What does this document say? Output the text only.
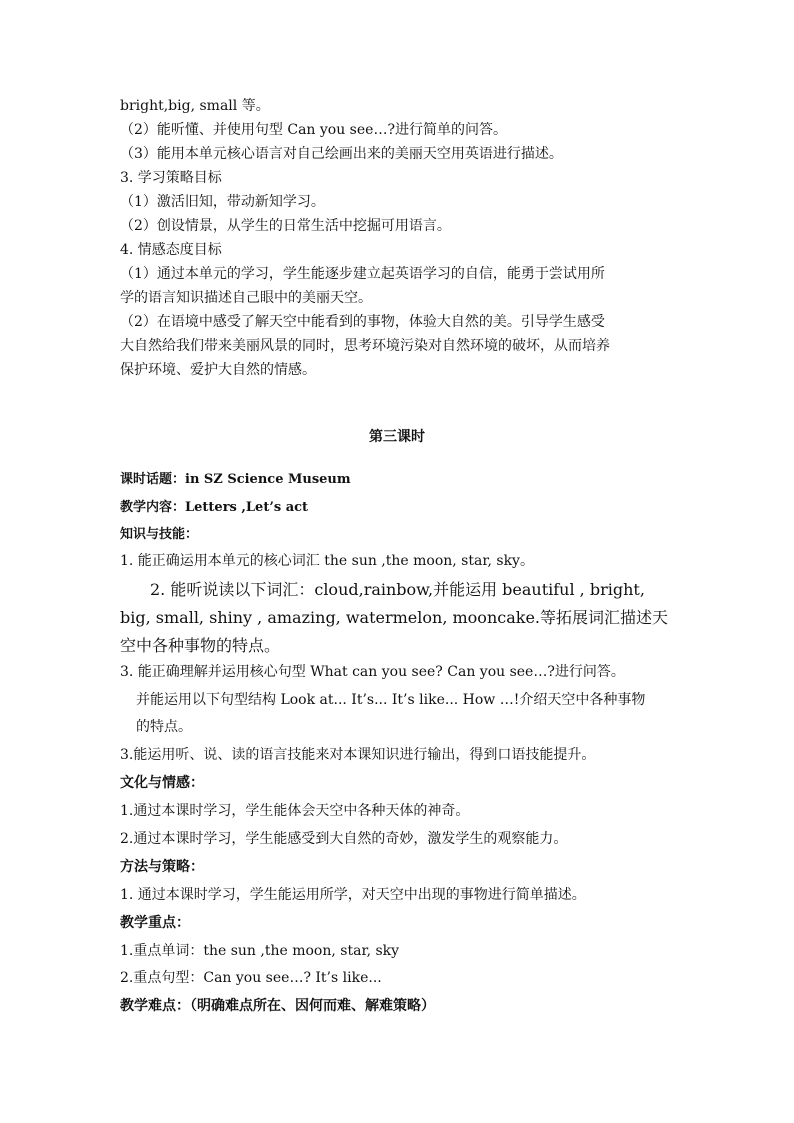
bright,big, small 等。
（2）能听懂、并使用句型 Can you see…?进行简单的问答。
（3）能用本单元核心语言对自己绘画出来的美丽天空用英语进行描述。
3. 学习策略目标
（1）激活旧知，带动新知学习。
（2）创设情景，从学生的日常生活中挖掘可用语言。
4. 情感态度目标
（1）通过本单元的学习，学生能逐步建立起英语学习的自信，能勇于尝试用所
学的语言知识描述自己眼中的美丽天空。
（2）在语境中感受了解天空中能看到的事物，体验大自然的美。引导学生感受
大自然给我们带来美丽风景的同时，思考环境污染对自然环境的破坏，从而培养
保护环境、爱护大自然的情感。
第三课时
课时话题：in SZ Science Museum
教学内容：Letters ,Let’s act
知识与技能：
1. 能正确运用本单元的核心词汇 the sun ,the moon, star, sky。
2. 能听说读以下词汇：cloud,rainbow,并能运用 beautiful , bright,
big, small, shiny , amazing, watermelon, mooncake.等拓展词汇描述天
空中各种事物的特点。
3. 能正确理解并运用核心句型 What can you see? Can you see…?进行问答。
并能运用以下句型结构 Look at... It’s... It’s like... How …!介绍天空中各种事物
的特点。
3.能运用听、说、读的语言技能来对本课知识进行输出，得到口语技能提升。
文化与情感：
1.通过本课时学习，学生能体会天空中各种天体的神奇。
2.通过本课时学习，学生能感受到大自然的奇妙，激发学生的观察能力。
方法与策略：
1. 通过本课时学习，学生能运用所学，对天空中出现的事物进行简单描述。
教学重点：
1.重点单词：the sun ,the moon, star, sky
2.重点句型：Can you see…? It’s like...
教学难点：（明确难点所在、因何而难、解难策略）
